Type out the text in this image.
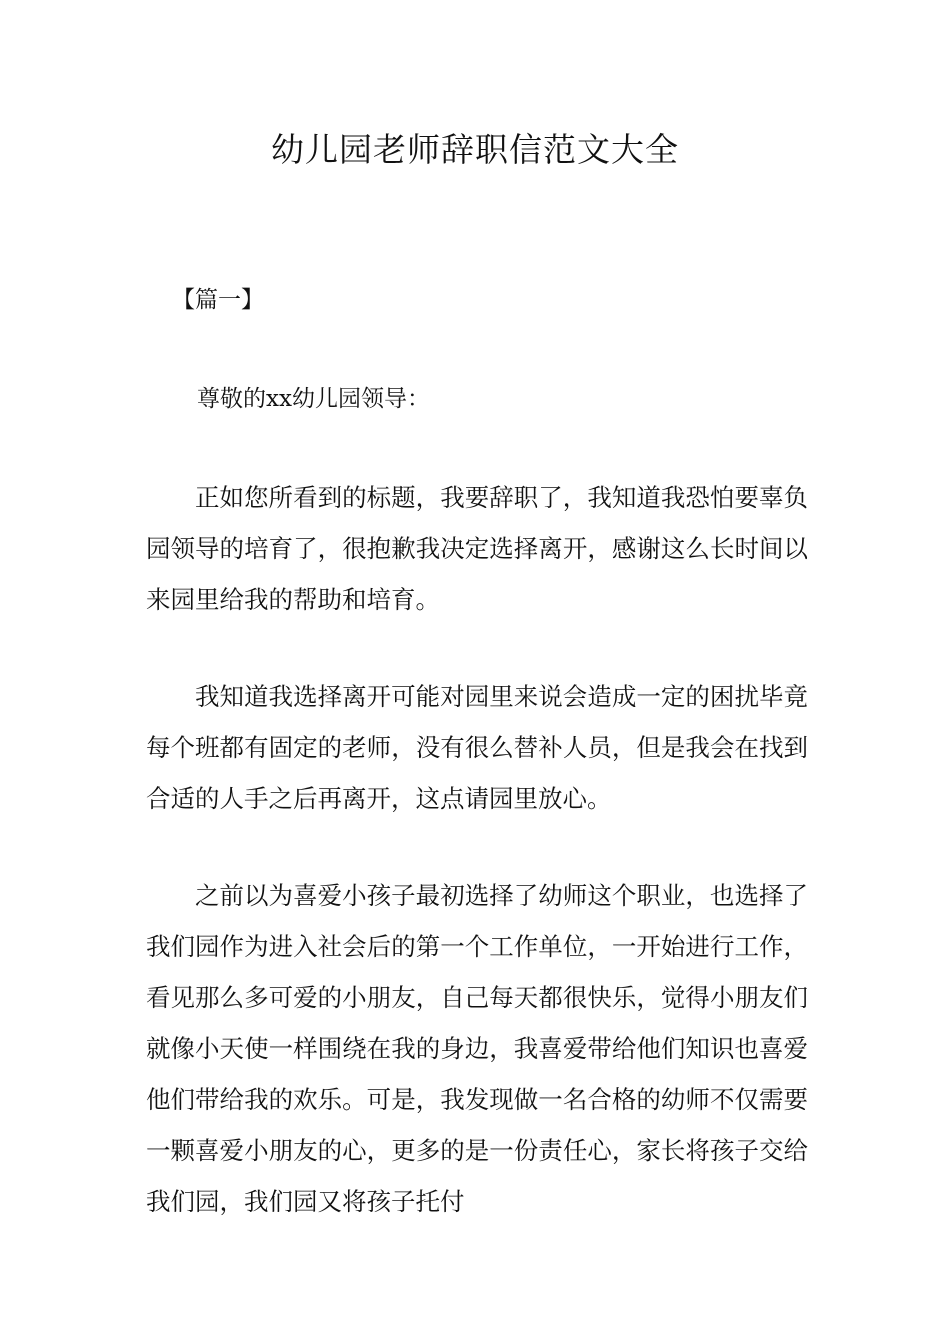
幼儿园老师辞职信范文大全
【篇一】
尊敬的xx幼儿园领导：

正如您所看到的标题，我要辞职了，我知道我恐怕要辜负园领导的培育了，很抱歉我决定选择离开，感谢这么长时间以来园里给我的帮助和培育。

我知道我选择离开可能对园里来说会造成一定的困扰毕竟每个班都有固定的老师，没有很么替补人员，但是我会在找到合适的人手之后再离开，这点请园里放心。

之前以为喜爱小孩子最初选择了幼师这个职业，也选择了我们园作为进入社会后的第一个工作单位，一开始进行工作，看见那么多可爱的小朋友，自己每天都很快乐，觉得小朋友们就像小天使一样围绕在我的身边，我喜爱带给他们知识也喜爱他们带给我的欢乐。可是，我发现做一名合格的幼师不仅需要一颗喜爱小朋友的心，更多的是一份责任心，家长将孩子交给我们园，我们园又将孩子托付
